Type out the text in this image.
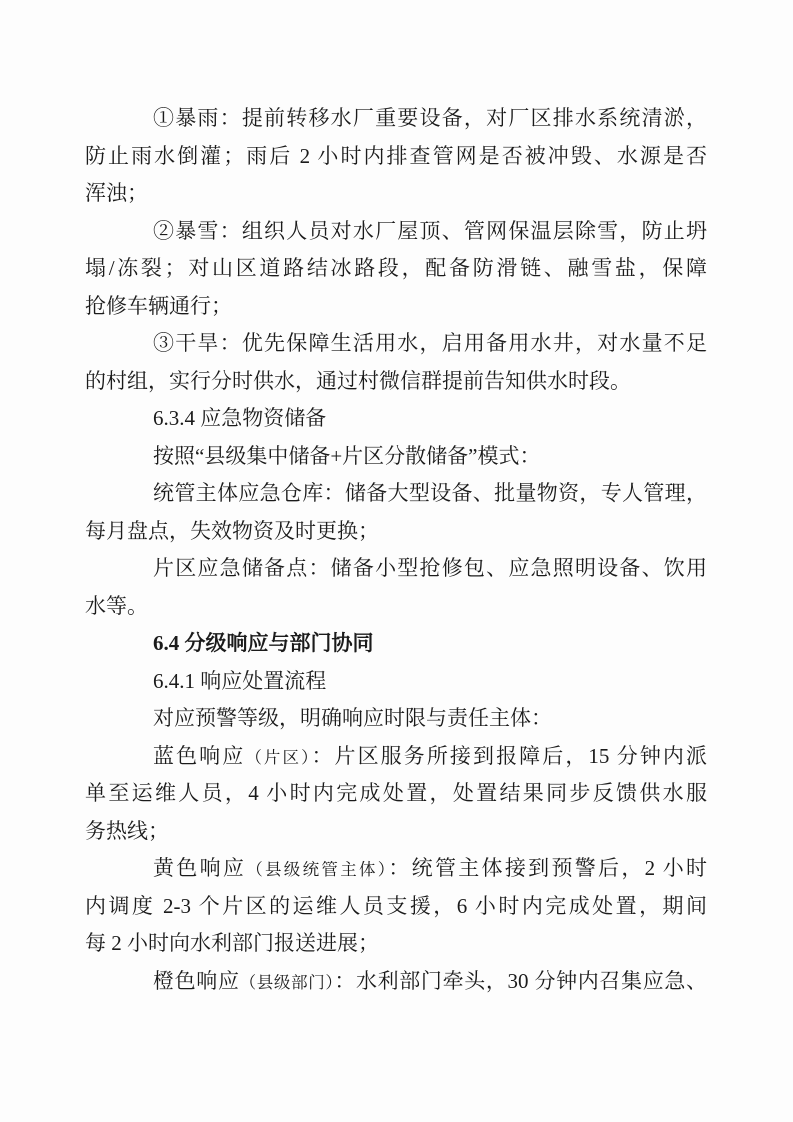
①暴雨：提前转移水厂重要设备，对厂区排水系统清淤，
防止雨水倒灌；雨后 2 小时内排查管网是否被冲毁、水源是否
浑浊；
②暴雪：组织人员对水厂屋顶、管网保温层除雪，防止坍
塌/冻裂；对山区道路结冰路段，配备防滑链、融雪盐，保障
抢修车辆通行；
③干旱：优先保障生活用水，启用备用水井，对水量不足
的村组，实行分时供水，通过村微信群提前告知供水时段。
6.3.4 应急物资储备
按照“县级集中储备+片区分散储备”模式：
统管主体应急仓库：储备大型设备、批量物资，专人管理，
每月盘点，失效物资及时更换；
片区应急储备点：储备小型抢修包、应急照明设备、饮用
水等。
6.4 分级响应与部门协同
6.4.1 响应处置流程
对应预警等级，明确响应时限与责任主体：
蓝色响应（片区）：片区服务所接到报障后，15 分钟内派
单至运维人员，4 小时内完成处置，处置结果同步反馈供水服
务热线；
黄色响应（县级统管主体）：统管主体接到预警后，2 小时
内调度 2-3 个片区的运维人员支援，6 小时内完成处置，期间
每 2 小时向水利部门报送进展；
橙色响应（县级部门）：水利部门牵头，30 分钟内召集应急、
